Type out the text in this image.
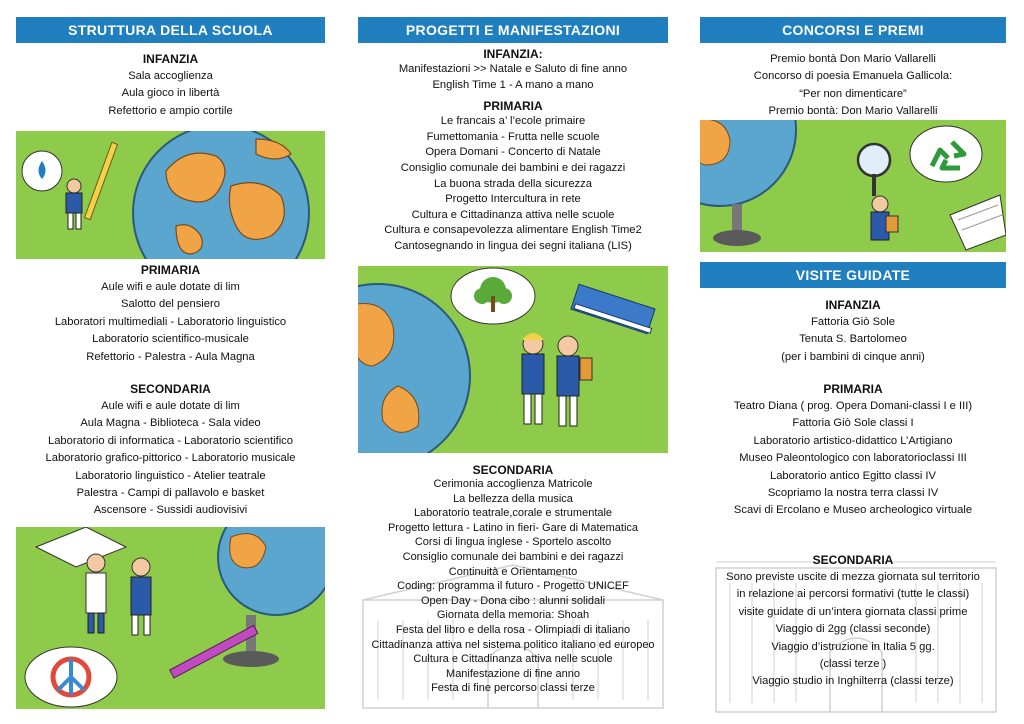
STRUTTURA DELLA SCUOLA
INFANZIA
Sala accoglienza
Aula gioco in libertà
Refettorio e ampio cortile
PRIMARIA
Aule wifi e aule dotate di lim
Salotto del pensiero
Laboratori multimediali - Laboratorio linguistico
Laboratorio scientifico-musicale
Refettorio - Palestra - Aula Magna
SECONDARIA
Aule wifi e aule dotate di lim
Aula Magna - Biblioteca - Sala video
Laboratorio di informatica - Laboratorio scientifico
Laboratorio grafico-pittorico - Laboratorio musicale
Laboratorio linguistico - Atelier teatrale
Palestra - Campi di pallavolo e basket
Ascensore - Sussidi audiovisivi
PROGETTI E MANIFESTAZIONI
INFANZIA:
Manifestazioni >> Natale e Saluto di fine anno
English Time 1 - A mano a mano
PRIMARIA
Le francais a’ l’ecole primaire
Fumettomania - Frutta nelle scuole
Opera Domani - Concerto di Natale
Consiglio comunale dei bambini e dei ragazzi
La buona strada della sicurezza
Progetto Intercultura in rete
Cultura e Cittadinanza attiva nelle scuole
Cultura e consapevolezza alimentare English Time2
Cantosegnando in lingua dei segni italiana (LIS)
SECONDARIA
Cerimonia accoglienza Matricole
La bellezza della musica
Laboratorio teatrale,corale e strumentale
Progetto lettura - Latino in fieri- Gare di Matematica
Corsi di lingua inglese - Sportelo ascolto
Consiglio comunale dei bambini e dei ragazzi
Continuità e Orientamento
Coding: programma il futuro - Progetto UNICEF
Open Day - Dona cibo : alunni solidali
Giornata della memoria: Shoah
Festa del libro e della rosa - Olimpiadi di italiano
Cittadinanza attiva nel sistema politico italiano ed europeo
Cultura e Cittadinanza attiva nelle scuole
Manifestazione di fine anno
Festa di fine percorso classi terze
CONCORSI E PREMI
Premio bontà Don Mario Vallarelli
Concorso di poesia Emanuela Gallicola:
“Per non dimenticare”
Premio bontà: Don Mario Vallarelli
VISITE GUIDATE
INFANZIA
Fattoria Giò Sole
Tenuta S. Bartolomeo
(per i bambini di cinque anni)
PRIMARIA
Teatro Diana ( prog. Opera Domani-classi I e III)
Fattoria Giò Sole classi I
Laboratorio artistico-didattico L’Artigiano
Museo Paleontologico con laboratorioclassi III
Laboratorio antico Egitto classi IV
Scopriamo la nostra terra classi IV
Scavi di Ercolano e Museo archeologico virtuale
SECONDARIA
Sono previste uscite di mezza giornata sul territorio
in relazione ai percorsi formativi (tutte le classi)
visite guidate di un’intera giornata classi prime
Viaggio di 2gg (classi seconde)
Viaggio d’istruzione in Italia 5 gg.
(classi terze )
Viaggio studio in Inghilterra (classi terze)
